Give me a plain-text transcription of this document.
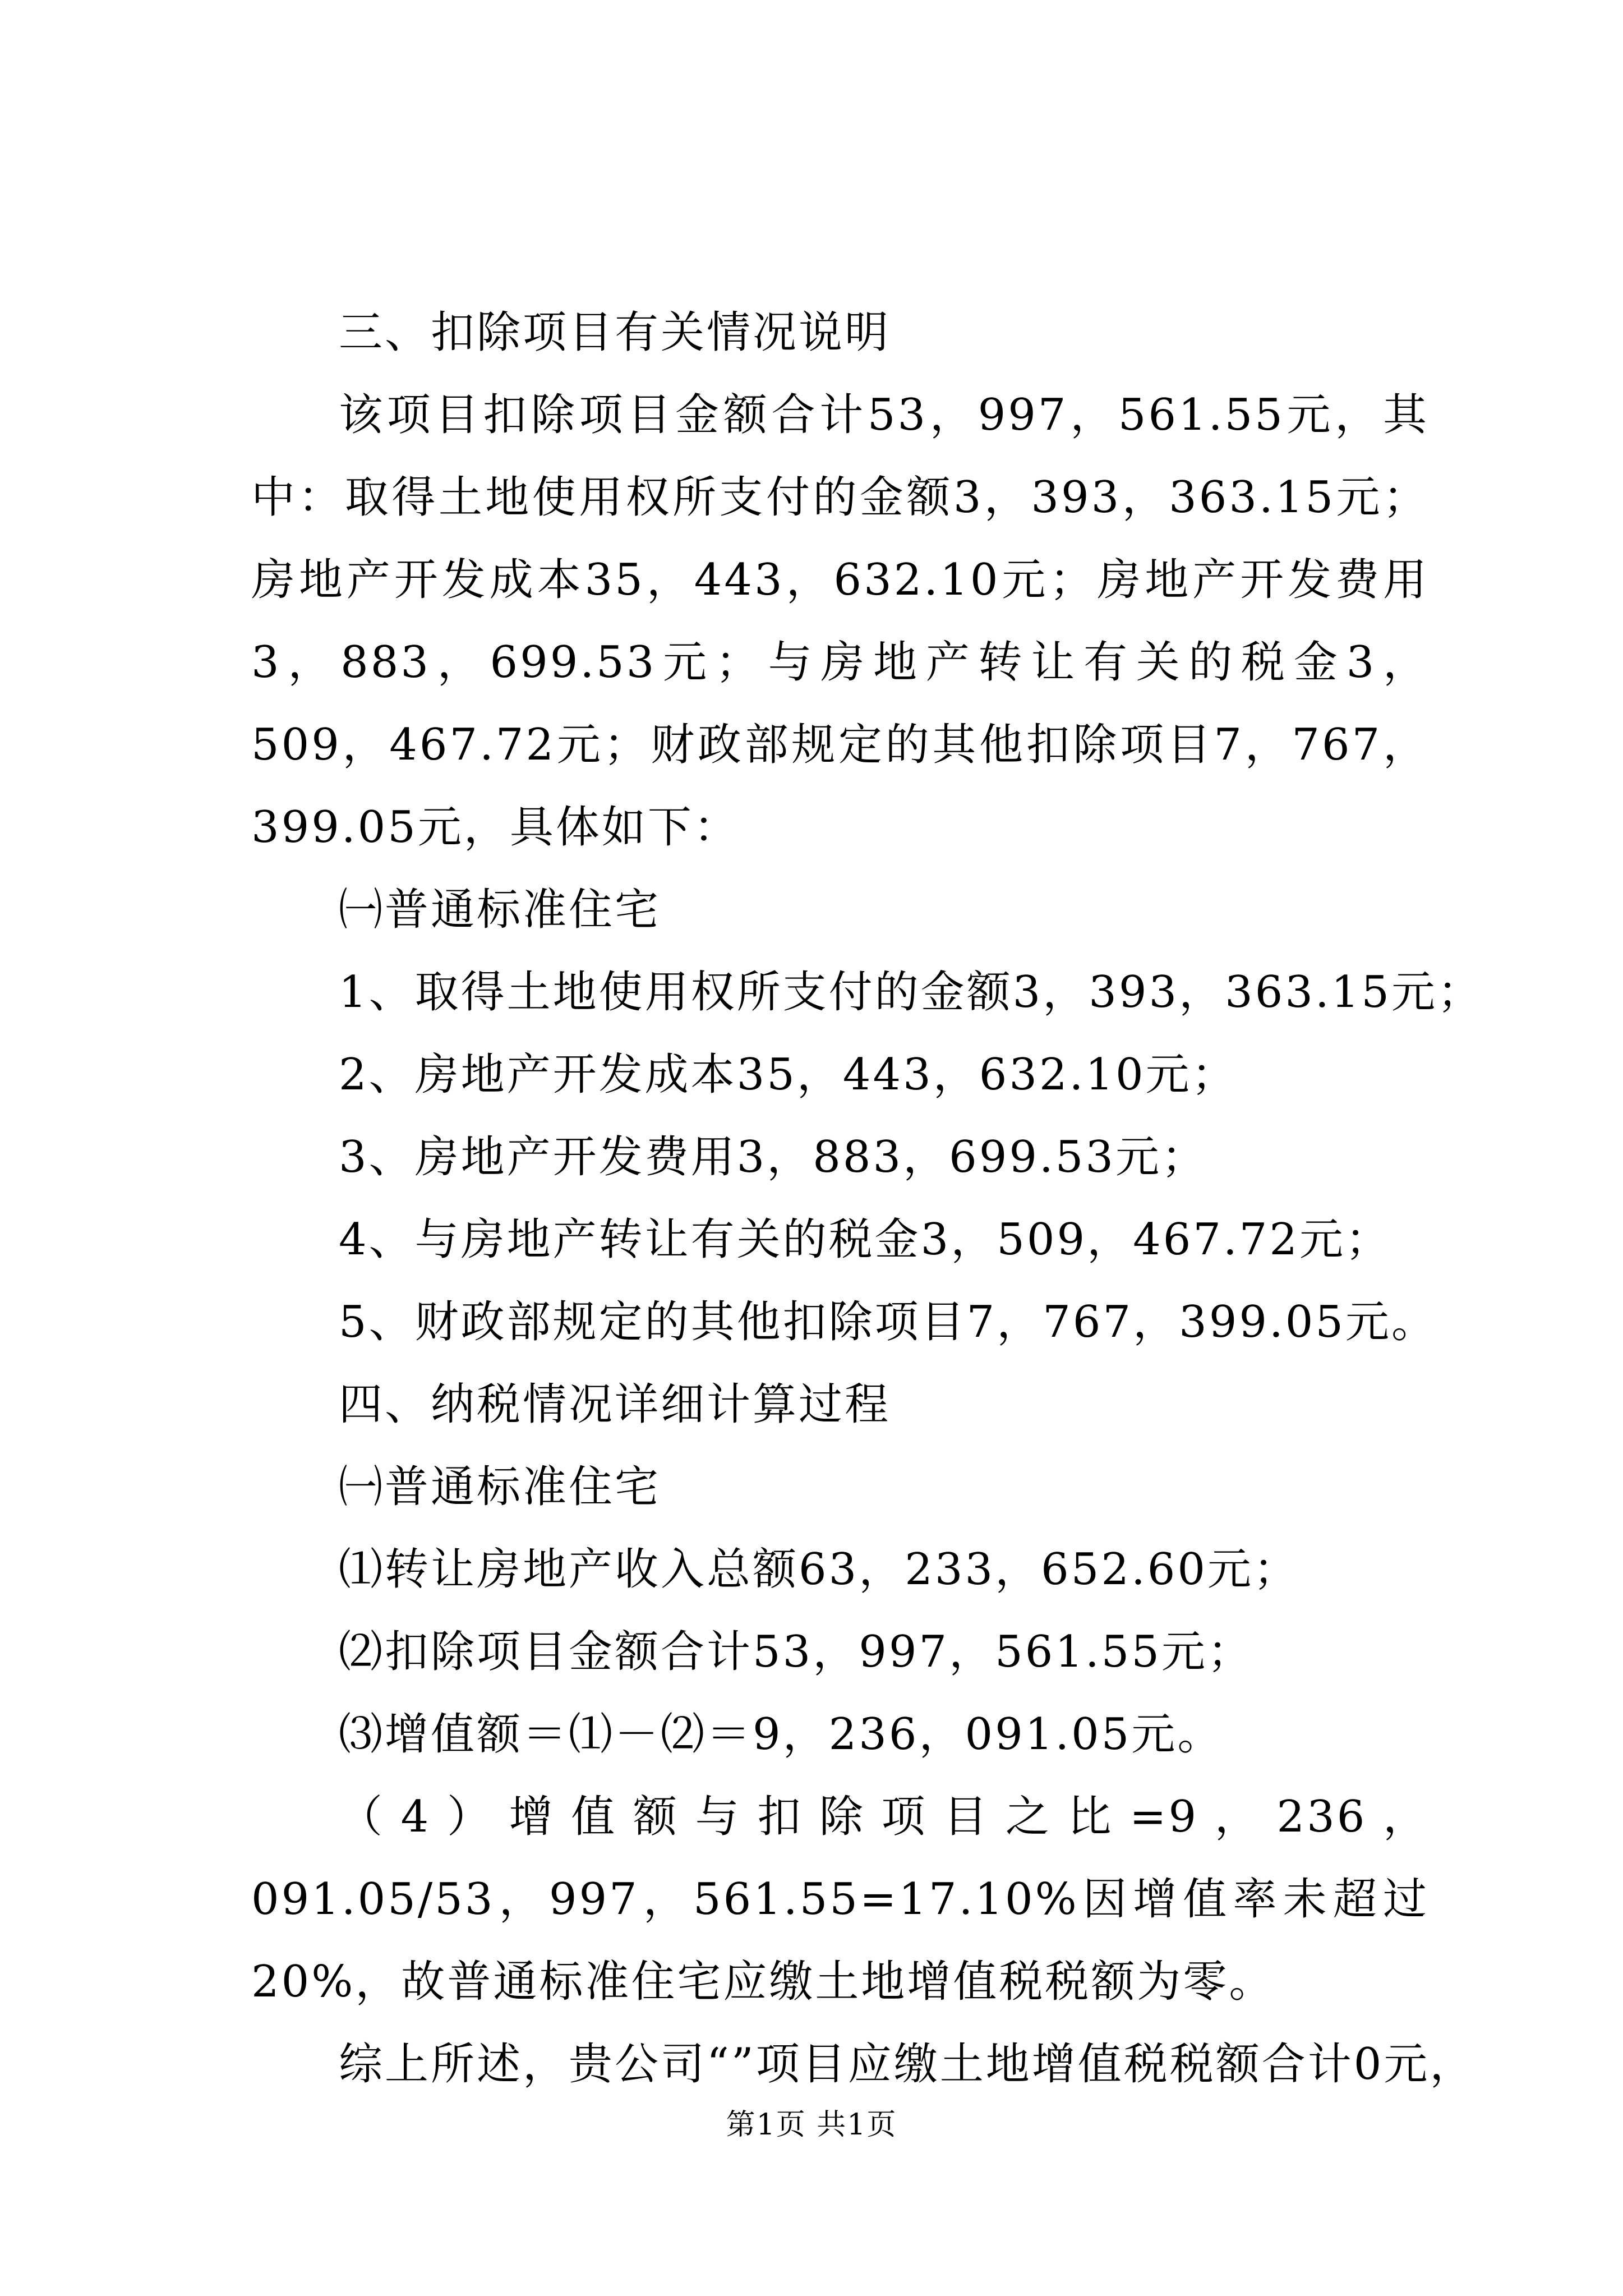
三、扣除项目有关情况说明

该项目扣除项目金额合计53，997，561.55元，其中：取得土地使用权所支付的金额3，393，363.15元；房地产开发成本35，443，632.10元；房地产开发费用3，883，699.53元；与房地产转让有关的税金3，509，467.72元；财政部规定的其他扣除项目7，767，399.05元，具体如下：

㈠普通标准住宅

1、取得土地使用权所支付的金额3，393，363.15元；

2、房地产开发成本35，443，632.10元；

3、房地产开发费用3，883，699.53元；

4、与房地产转让有关的税金3，509，467.72元；

5、财政部规定的其他扣除项目7，767，399.05元。

四、纳税情况详细计算过程

㈠普通标准住宅

⑴转让房地产收入总额63，233，652.60元；

⑵扣除项目金额合计53，997，561.55元；

⑶增值额＝⑴－⑵＝9，236，091.05元。

（4）增值额与扣除项目之比=9，236，091.05/53，997，561.55=17.10%因增值率未超过20%，故普通标准住宅应缴土地增值税税额为零。

综上所述，贵公司“”项目应缴土地增值税税额合计0元，

第1页 共1页
